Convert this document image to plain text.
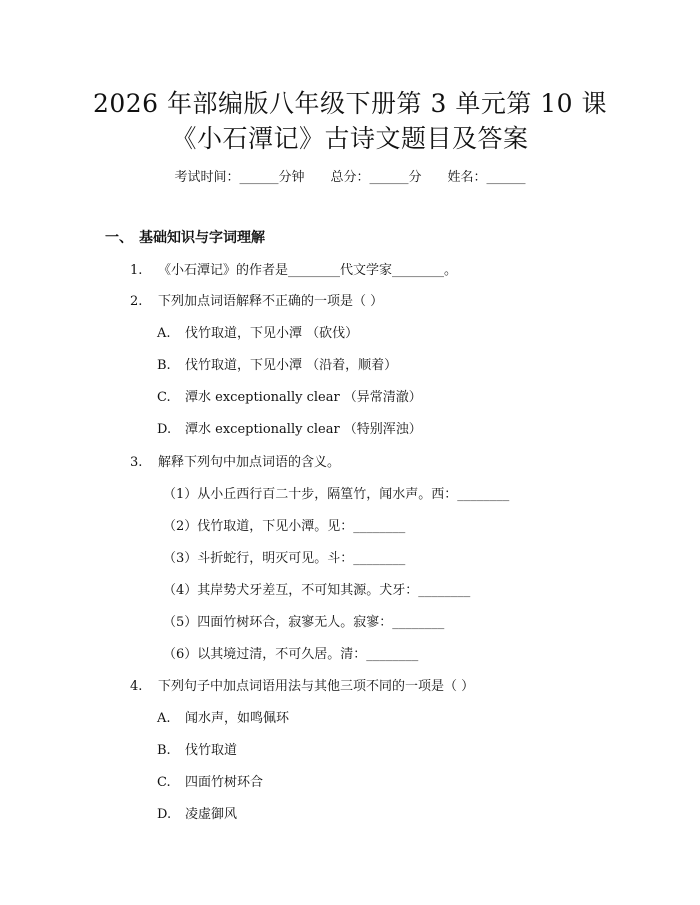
2026 年部编版八年级下册第 3 单元第 10 课
《小石潭记》古诗文题目及答案
考试时间：______分钟 总分：______分 姓名：______
一、 基础知识与字词理解
1. 《小石潭记》的作者是________代文学家________。
2. 下列加点词语解释不正确的一项是（ ）
A. 伐竹取道，下见小潭 （砍伐）
B. 伐竹取道，下见小潭 （沿着，顺着）
C. 潭水 exceptionally clear （异常清澈）
D. 潭水 exceptionally clear （特别浑浊）
3. 解释下列句中加点词语的含义。
（1）从小丘西行百二十步，隔篁竹，闻水声。西：________
（2）伐竹取道，下见小潭。见：________
（3）斗折蛇行，明灭可见。斗：________
（4）其岸势犬牙差互，不可知其源。犬牙：________
（5）四面竹树环合，寂寥无人。寂寥：________
（6）以其境过清，不可久居。清：________
4. 下列句子中加点词语用法与其他三项不同的一项是（ ）
A. 闻水声，如鸣佩环
B. 伐竹取道
C. 四面竹树环合
D. 凌虚御风
